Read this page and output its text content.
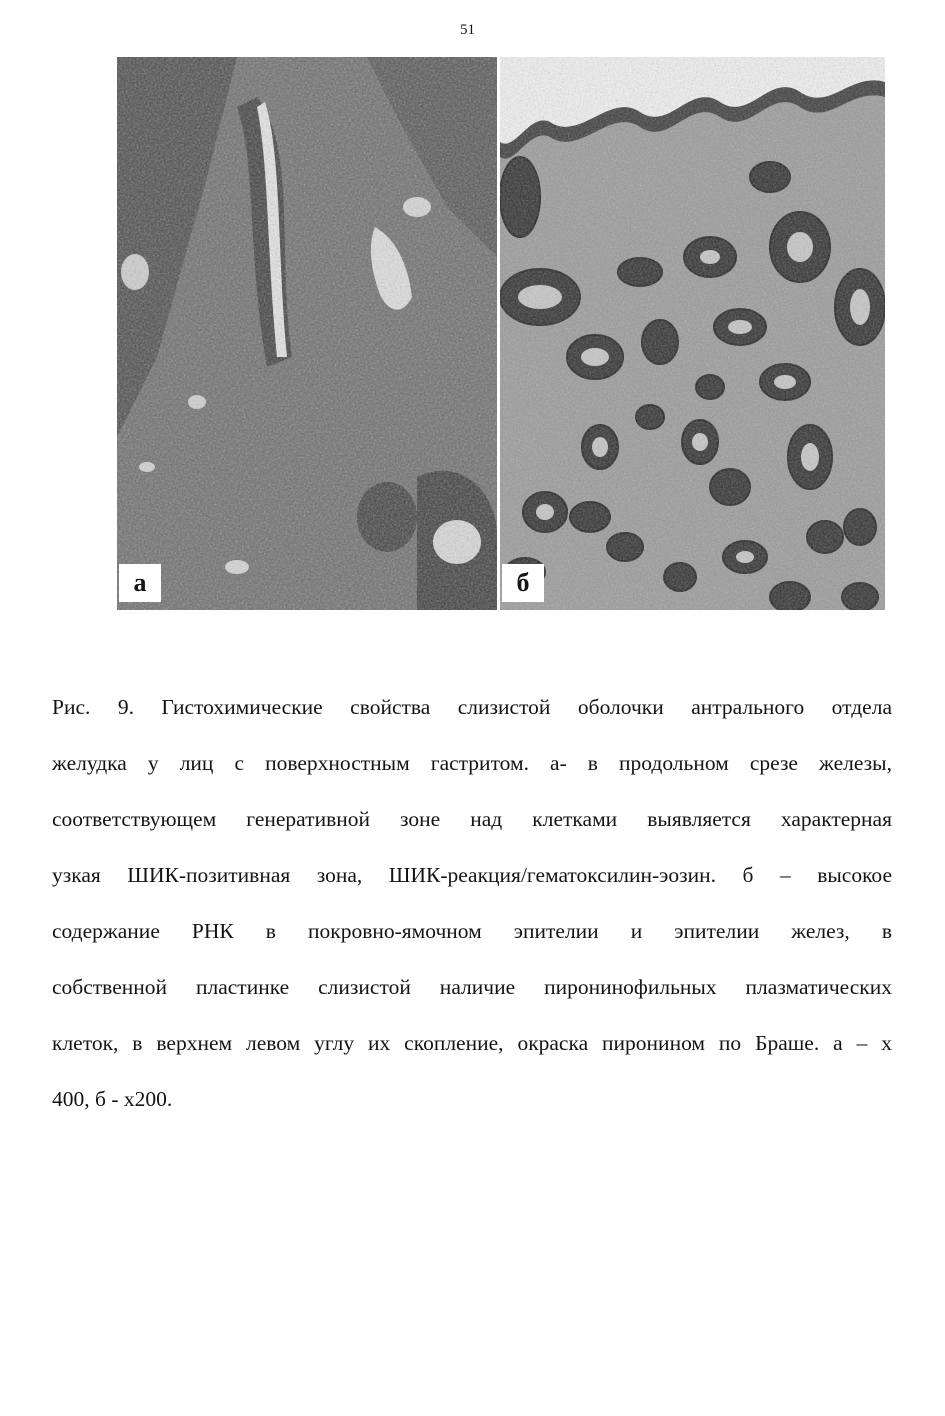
51
а	б
Рис. 9. Гистохимические свойства слизистой оболочки антрального отдела
желудка у лиц с поверхностным гастритом. а- в продольном срезе железы,
соответствующем генеративной зоне над клетками выявляется характерная
узкая ШИК-позитивная зона, ШИК-реакция/гематоксилин-эозин. б – высокое
содержание РНК в покровно-ямочном эпителии и эпителии желез, в
собственной пластинке слизистой наличие пиронинофильных плазматических
клеток, в верхнем левом углу их скопление, окраска пиронином по Браше. а – х
400, б - х200.
